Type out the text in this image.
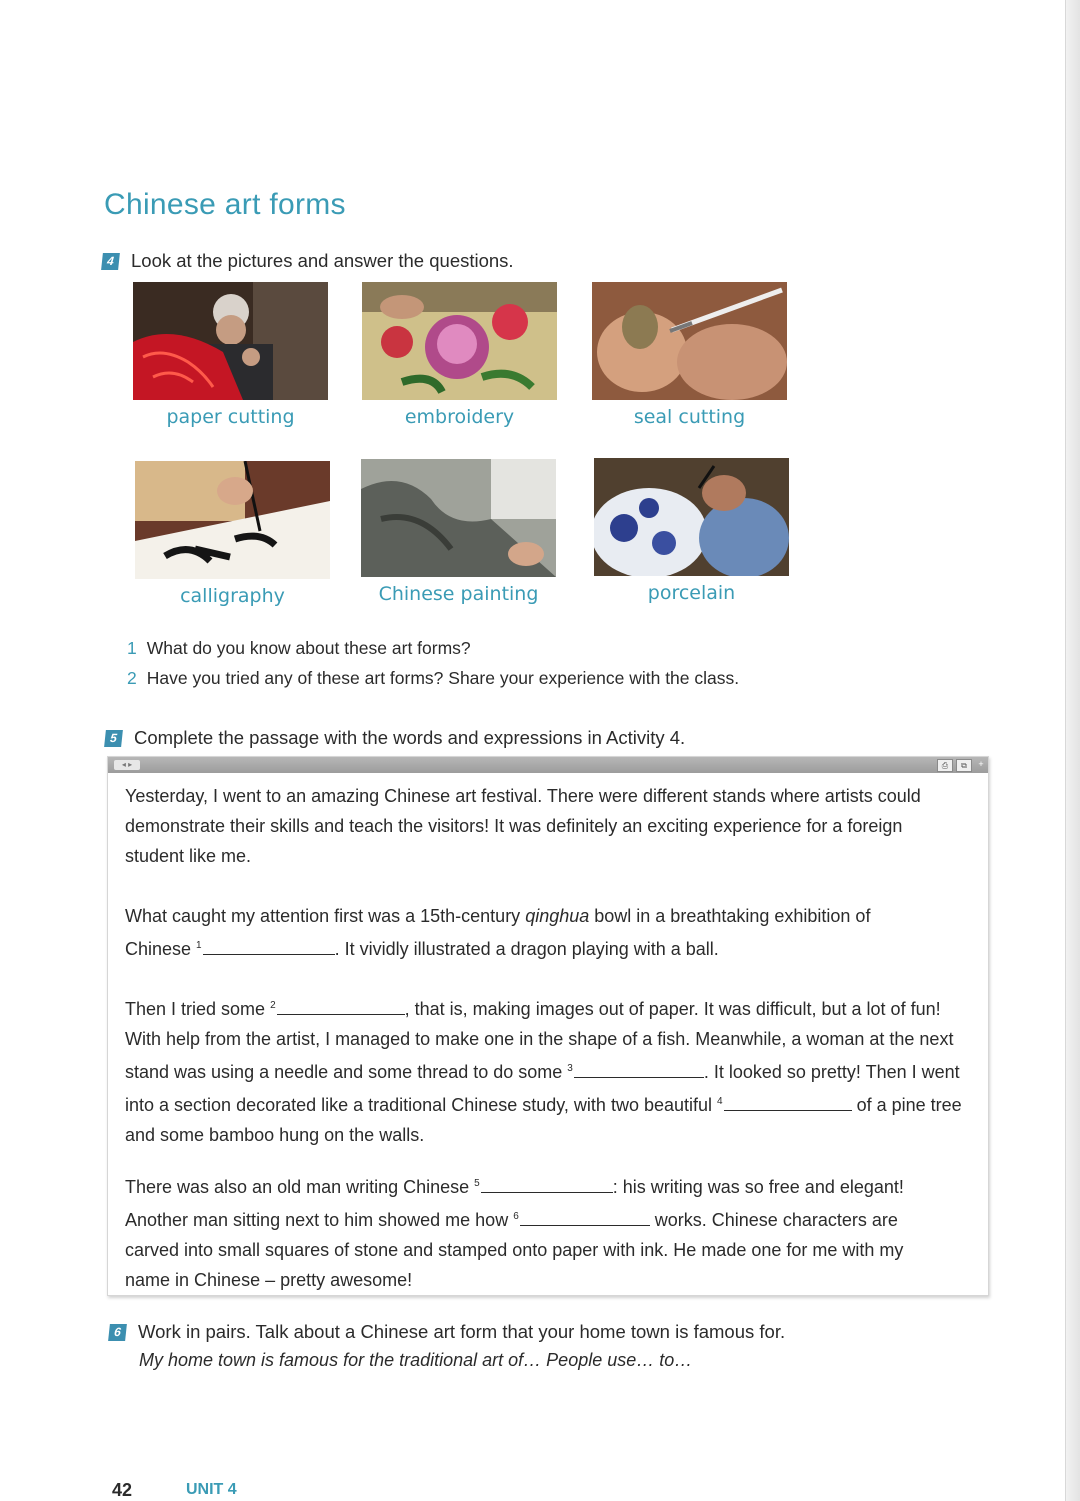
Chinese art forms
4 Look at the pictures and answer the questions.
paper cutting	embroidery	seal cutting
calligraphy	Chinese painting	porcelain
1 What do you know about these art forms?
2 Have you tried any of these art forms? Share your experience with the class.
5 Complete the passage with the words and expressions in Activity 4.
◂ ▸	⎙	⧉	+

Yesterday, I went to an amazing Chinese art festival. There were different stands where artists could demonstrate their skills and teach the visitors! It was definitely an exciting experience for a foreign student like me.

What caught my attention first was a 15th-century qinghua bowl in a breathtaking exhibition of Chinese $^1$	. It vividly illustrated a dragon playing with a ball.

Then I tried some $^2$	, that is, making images out of paper. It was difficult, but a lot of fun! With help from the artist, I managed to make one in the shape of a fish. Meanwhile, a woman at the next stand was using a needle and some thread to do some $^3$	. It looked so pretty! Then I went into a section decorated like a traditional Chinese study, with two beautiful $^4$	of a pine tree and some bamboo hung on the walls.

There was also an old man writing Chinese $^5$	: his writing was so free and elegant! Another man sitting next to him showed me how $^6$	works. Chinese characters are carved into small squares of stone and stamped onto paper with ink. He made one for me with my name in Chinese – pretty awesome!

6 Work in pairs. Talk about a Chinese art form that your home town is famous for.
My home town is famous for the traditional art of… People use… to…
42	UNIT 4
